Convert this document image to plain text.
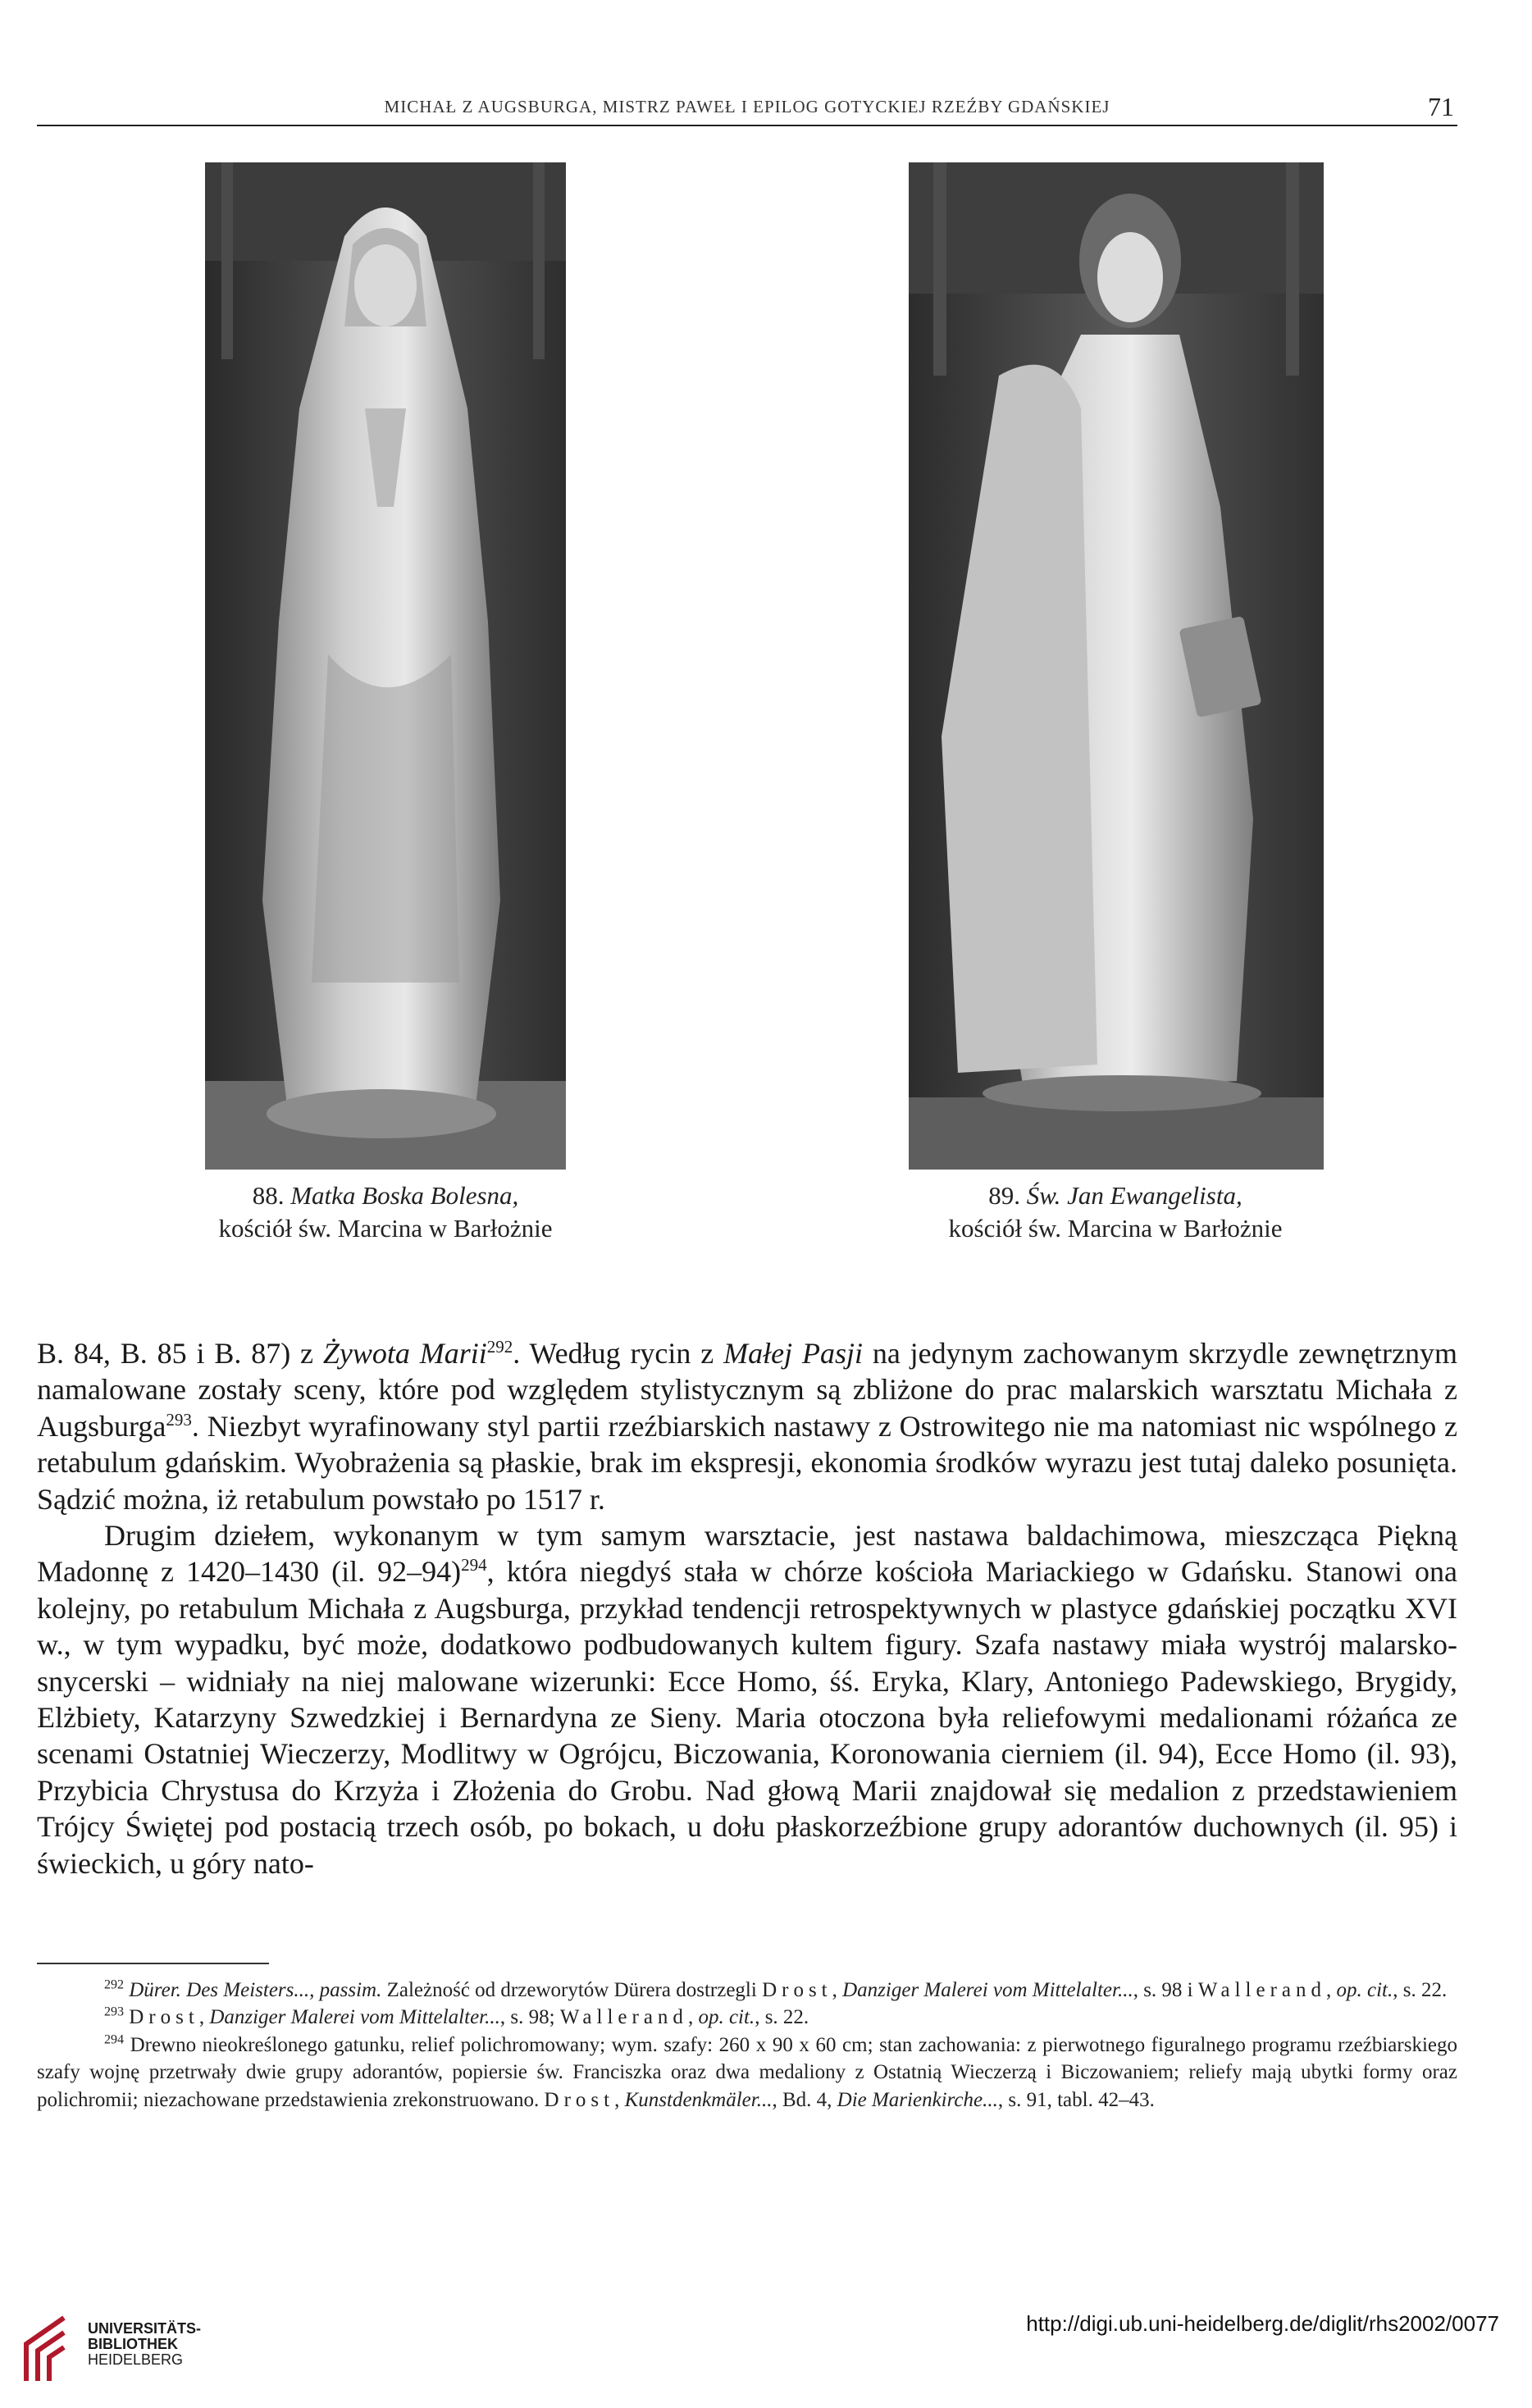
MICHAŁ Z AUGSBURGA, MISTRZ PAWEŁ I EPILOG GOTYCKIEJ RZEŹBY GDAŃSKIEJ	71
88. Matka Boska Bolesna,
kościół św. Marcina w Barłożnie
89. Św. Jan Ewangelista,
kościół św. Marcina w Barłożnie

B. 84, B. 85 i B. 87) z Żywota Marii$^{292}$. Według rycin z Małej Pasji na jedynym zachowanym skrzydle zewnętrznym namalowane zostały sceny, które pod względem stylistycznym są zbliżone do prac malarskich warsztatu Michała z Augsburga$^{293}$. Niezbyt wyrafinowany styl partii rzeźbiarskich nastawy z Ostrowitego nie ma natomiast nic wspólnego z retabulum gdańskim. Wyobrażenia są płaskie, brak im ekspresji, ekonomia środków wyrazu jest tutaj daleko posunięta. Sądzić można, iż retabulum powstało po 1517 r.

Drugim dziełem, wykonanym w tym samym warsztacie, jest nastawa baldachimowa, mieszcząca Piękną Madonnę z 1420–1430 (il. 92–94)$^{294}$, która niegdyś stała w chórze kościoła Mariackiego w Gdańsku. Stanowi ona kolejny, po retabulum Michała z Augsburga, przykład tendencji retrospektywnych w plastyce gdańskiej początku XVI w., w tym wypadku, być może, dodatkowo podbudowanych kultem figury. Szafa nastawy miała wystrój malarsko-snycerski – widniały na niej malowane wizerunki: Ecce Homo, śś. Eryka, Klary, Antoniego Padewskiego, Brygidy, Elżbiety, Katarzyny Szwedzkiej i Bernardyna ze Sieny. Maria otoczona była reliefowymi medalionami różańca ze scenami Ostatniej Wieczerzy, Modlitwy w Ogrójcu, Biczowania, Koronowania cierniem (il. 94), Ecce Homo (il. 93), Przybicia Chrystusa do Krzyża i Złożenia do Grobu. Nad głową Marii znajdował się medalion z przedstawieniem Trójcy Świętej pod postacią trzech osób, po bokach, u dołu płaskorzeźbione grupy adorantów duchownych (il. 95) i świeckich, u góry nato-

$^{292}$ Dürer. Des Meisters..., passim. Zależność od drzeworytów Dürera dostrzegli Drost, Danziger Malerei vom Mittelalter..., s. 98 i Wallerand, op. cit., s. 22.

$^{293}$ Drost, Danziger Malerei vom Mittelalter..., s. 98; Wallerand, op. cit., s. 22.

$^{294}$ Drewno nieokreślonego gatunku, relief polichromowany; wym. szafy: 260 x 90 x 60 cm; stan zachowania: z pierwotnego figuralnego programu rzeźbiarskiego szafy wojnę przetrwały dwie grupy adorantów, popiersie św. Franciszka oraz dwa medaliony z Ostatnią Wieczerzą i Biczowaniem; reliefy mają ubytki formy oraz polichromii; niezachowane przedstawienia zrekonstruowano. Drost, Kunstdenkmäler..., Bd. 4, Die Marienkirche..., s. 91, tabl. 42–43.

UNIVERSITÄTS-
BIBLIOTHEK
HEIDELBERG
http://digi.ub.uni-heidelberg.de/diglit/rhs2002/0077
